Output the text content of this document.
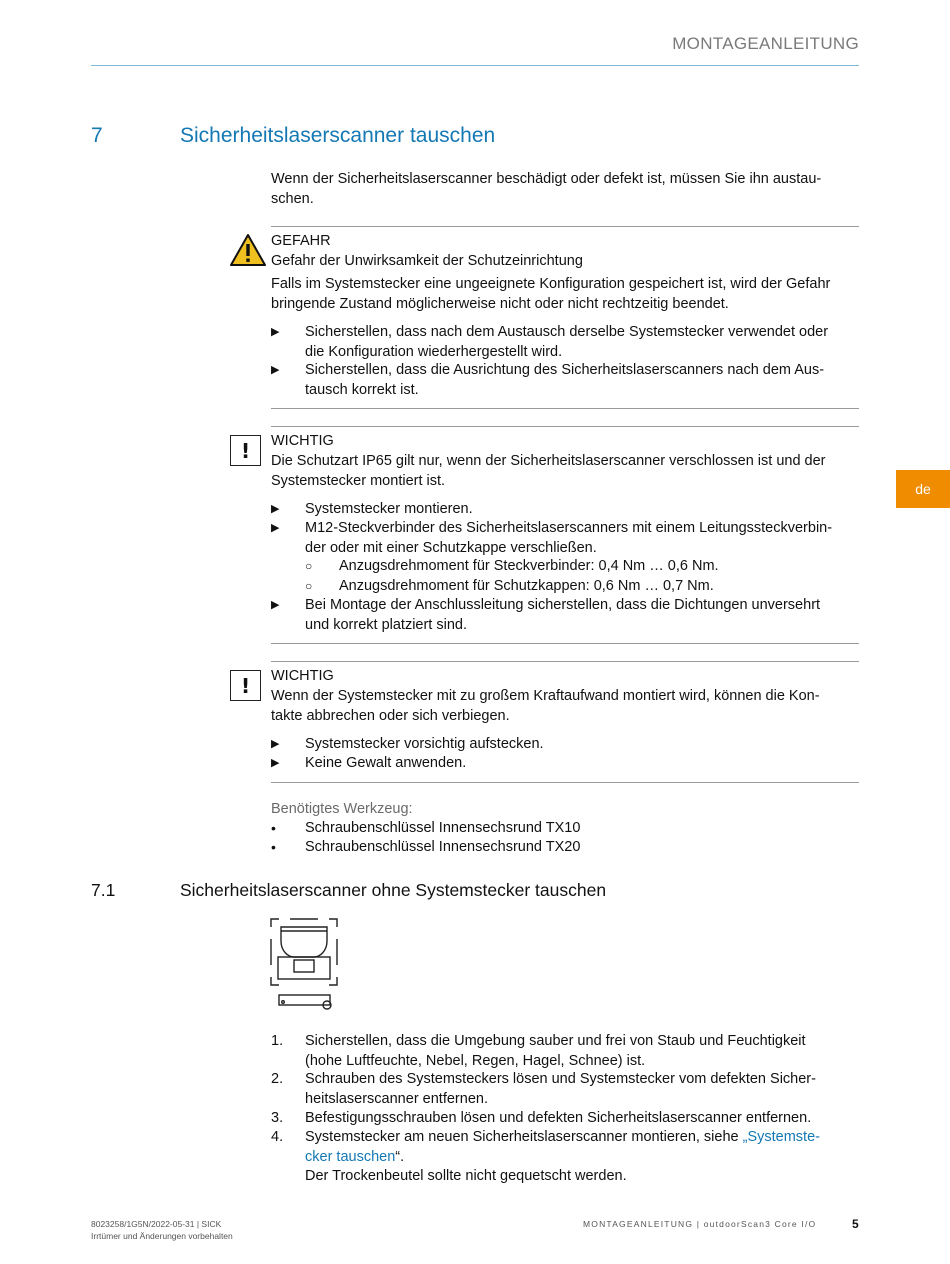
MONTAGEANLEITUNG
de
7	Sicherheitslaserscanner tauschen
Wenn der Sicherheitslaserscanner beschädigt oder defekt ist, müssen Sie ihn austau-
schen.
GEFAHR
Gefahr der Unwirksamkeit der Schutzeinrichtung
Falls im Systemstecker eine ungeeignete Konfiguration gespeichert ist, wird der Gefahr
bringende Zustand möglicherweise nicht oder nicht rechtzeitig beendet.
▶ Sicherstellen, dass nach dem Austausch derselbe Systemstecker verwendet oder
die Konfiguration wiederhergestellt wird.
▶ Sicherstellen, dass die Ausrichtung des Sicherheitslaserscanners nach dem Aus-
tausch korrekt ist.
!	WICHTIG
Die Schutzart IP65 gilt nur, wenn der Sicherheitslaserscanner verschlossen ist und der
Systemstecker montiert ist.
▶ Systemstecker montieren.
▶ M12-Steckverbinder des Sicherheitslaserscanners mit einem Leitungssteckverbin-
der oder mit einer Schutzkappe verschließen.
○ Anzugsdrehmoment für Steckverbinder: 0,4 Nm … 0,6 Nm.
○ Anzugsdrehmoment für Schutzkappen: 0,6 Nm … 0,7 Nm.
▶ Bei Montage der Anschlussleitung sicherstellen, dass die Dichtungen unversehrt
und korrekt platziert sind.
!	WICHTIG
Wenn der Systemstecker mit zu großem Kraftaufwand montiert wird, können die Kon-
takte abbrechen oder sich verbiegen.
▶ Systemstecker vorsichtig aufstecken.
▶ Keine Gewalt anwenden.
Benötigtes Werkzeug:
• Schraubenschlüssel Innensechsrund TX10
• Schraubenschlüssel Innensechsrund TX20
7.1	Sicherheitslaserscanner ohne Systemstecker tauschen
1. Sicherstellen, dass die Umgebung sauber und frei von Staub und Feuchtigkeit
(hohe Luftfeuchte, Nebel, Regen, Hagel, Schnee) ist.
2. Schrauben des Systemsteckers lösen und Systemstecker vom defekten Sicher-
heitslaserscanner entfernen.
3. Befestigungsschrauben lösen und defekten Sicherheitslaserscanner entfernen.
4. Systemstecker am neuen Sicherheitslaserscanner montieren, siehe „Systemste-
cker tauschen“.
Der Trockenbeutel sollte nicht gequetscht werden.
8023258/1G5N/2022-05-31 | SICK
Irrtümer und Änderungen vorbehalten
MONTAGEANLEITUNG | outdoorScan3 Core I/O	5
